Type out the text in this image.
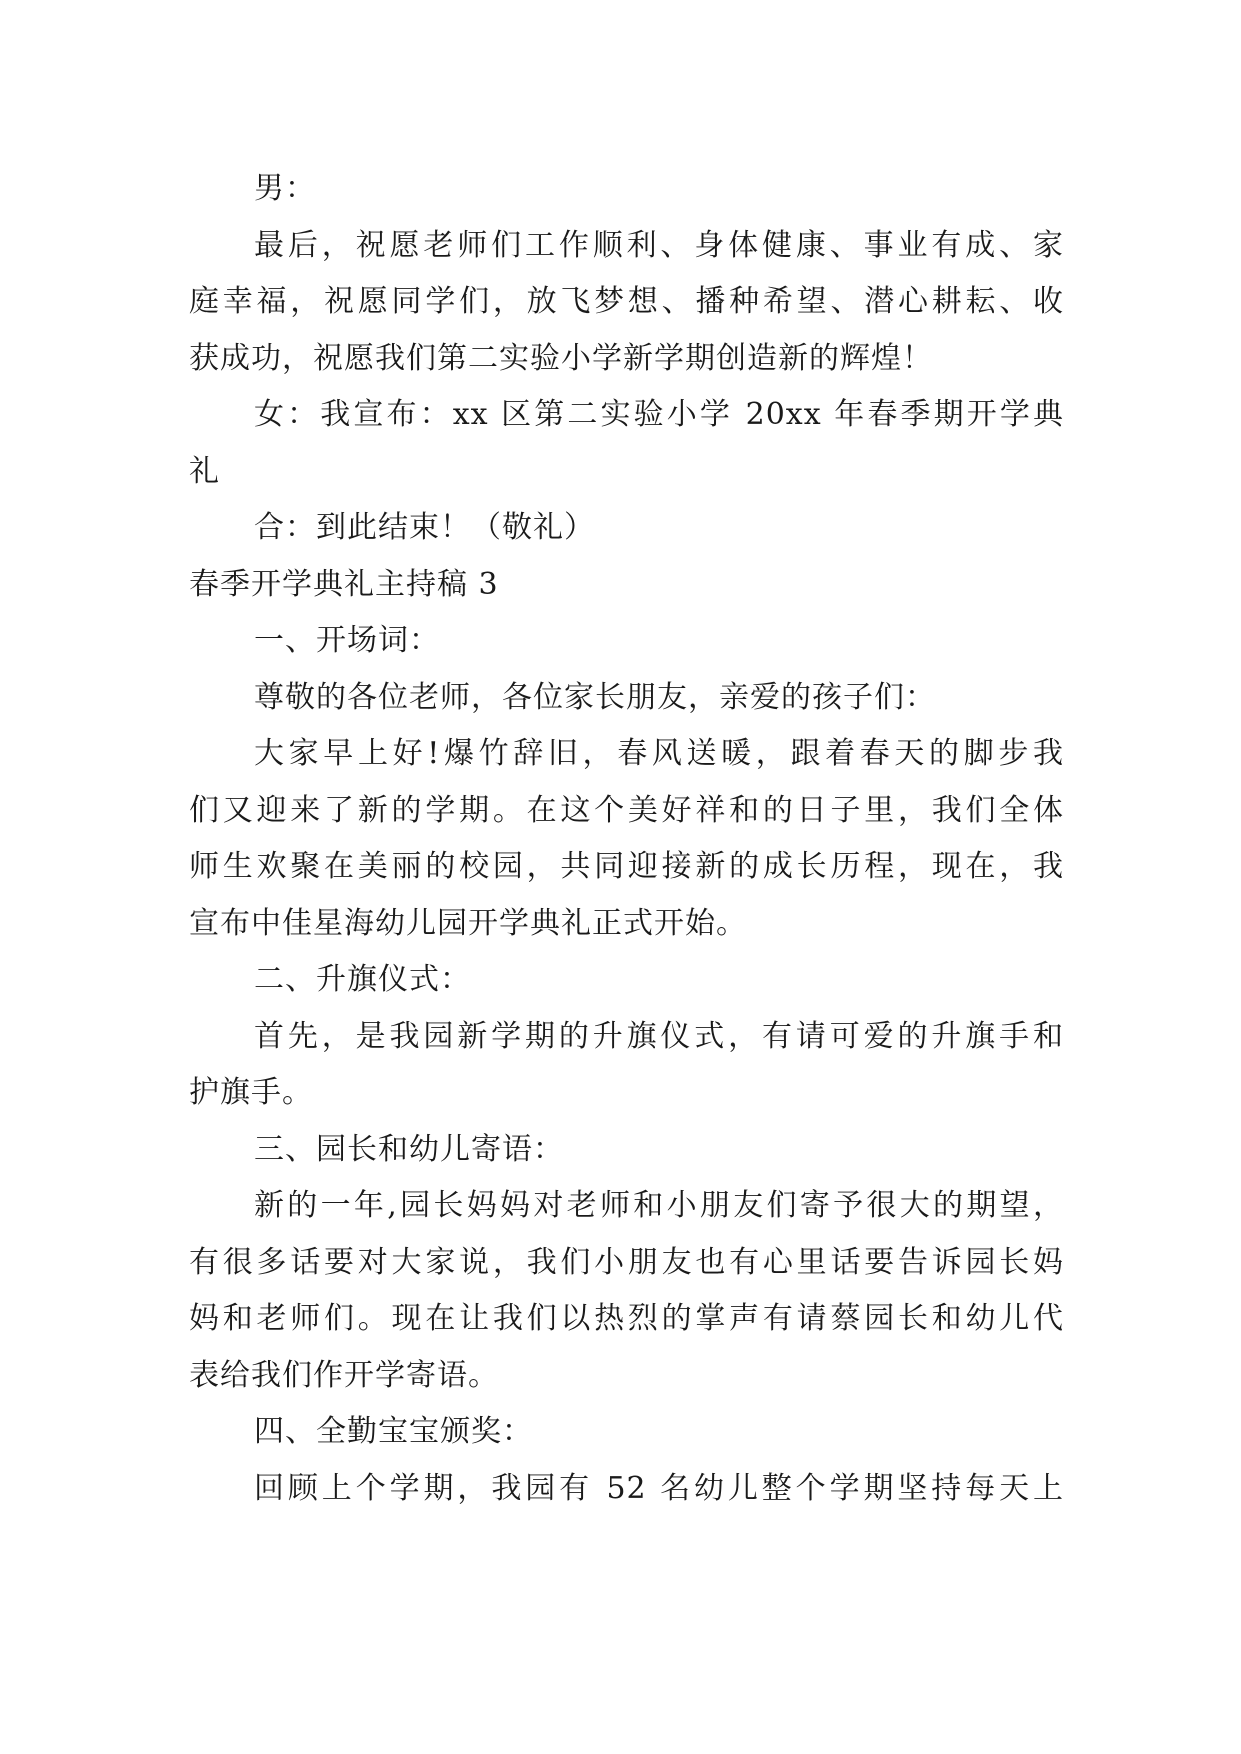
男：
最后，祝愿老师们工作顺利、身体健康、事业有成、家
庭幸福，祝愿同学们，放飞梦想、播种希望、潜心耕耘、收
获成功，祝愿我们第二实验小学新学期创造新的辉煌！
女：我宣布：xx 区第二实验小学 20xx 年春季期开学典
礼
合：到此结束！（敬礼）
春季开学典礼主持稿 3
一、开场词：
尊敬的各位老师，各位家长朋友，亲爱的孩子们：
大家早上好!爆竹辞旧，春风送暖，跟着春天的脚步我
们又迎来了新的学期。在这个美好祥和的日子里，我们全体
师生欢聚在美丽的校园，共同迎接新的成长历程，现在，我
宣布中佳星海幼儿园开学典礼正式开始。
二、升旗仪式：
首先，是我园新学期的升旗仪式，有请可爱的升旗手和
护旗手。
三、园长和幼儿寄语：
新的一年,园长妈妈对老师和小朋友们寄予很大的期望，
有很多话要对大家说，我们小朋友也有心里话要告诉园长妈
妈和老师们。现在让我们以热烈的掌声有请蔡园长和幼儿代
表给我们作开学寄语。
四、全勤宝宝颁奖：
回顾上个学期，我园有 52 名幼儿整个学期坚持每天上
